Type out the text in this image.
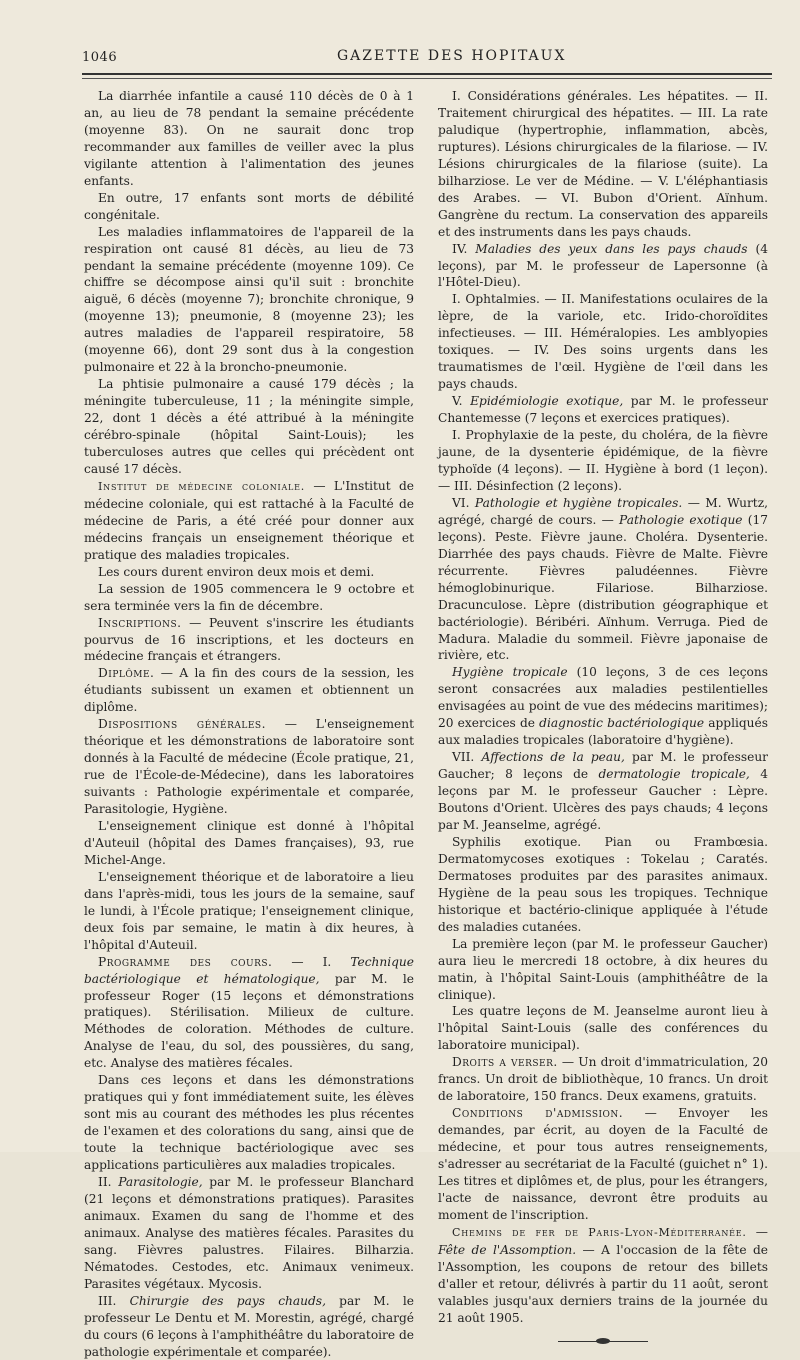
1046	GAZETTE DES HOPITAUX

La diarrhée infantile a causé 110 décès de 0 à 1 an, au lieu de 78 pendant la semaine précédente (moyenne 83). On ne saurait donc trop recommander aux familles de veiller avec la plus vigilante attention à l'alimentation des jeunes enfants.

En outre, 17 enfants sont morts de débilité congénitale.

Les maladies inflammatoires de l'appareil de la respiration ont causé 81 décès, au lieu de 73 pendant la semaine précédente (moyenne 109). Ce chiffre se décompose ainsi qu'il suit : bronchite aiguë, 6 décès (moyenne 7); bronchite chronique, 9 (moyenne 13); pneumonie, 8 (moyenne 23); les autres maladies de l'appareil respiratoire, 58 (moyenne 66), dont 29 sont dus à la congestion pulmonaire et 22 à la broncho-pneumonie.

La phtisie pulmonaire a causé 179 décès ; la méningite tuberculeuse, 11 ; la méningite simple, 22, dont 1 décès a été attribué à la méningite cérébro-spinale (hôpital Saint-Louis); les tuberculoses autres que celles qui précèdent ont causé 17 décès.

Institut de médecine coloniale. — L'Institut de médecine coloniale, qui est rattaché à la Faculté de médecine de Paris, a été créé pour donner aux médecins français un enseignement théorique et pratique des maladies tropicales.

Les cours durent environ deux mois et demi.

La session de 1905 commencera le 9 octobre et sera terminée vers la fin de décembre.

Inscriptions. — Peuvent s'inscrire les étudiants pourvus de 16 inscriptions, et les docteurs en médecine français et étrangers.

Diplôme. — A la fin des cours de la session, les étudiants subissent un examen et obtiennent un diplôme.

Dispositions générales. — L'enseignement théorique et les démonstrations de laboratoire sont donnés à la Faculté de médecine (École pratique, 21, rue de l'École-de-Médecine), dans les laboratoires suivants : Pathologie expérimentale et comparée, Parasitologie, Hygiène.

L'enseignement clinique est donné à l'hôpital d'Auteuil (hôpital des Dames françaises), 93, rue Michel-Ange.

L'enseignement théorique et de laboratoire a lieu dans l'après-midi, tous les jours de la semaine, sauf le lundi, à l'École pratique; l'enseignement clinique, deux fois par semaine, le matin à dix heures, à l'hôpital d'Auteuil.

Programme des cours. — I. Technique bactériologique et hématologique, par M. le professeur Roger (15 leçons et démonstrations pratiques). Stérilisation. Milieux de culture. Méthodes de coloration. Méthodes de culture. Analyse de l'eau, du sol, des poussières, du sang, etc. Analyse des matières fécales.

Dans ces leçons et dans les démonstrations pratiques qui y font immédiatement suite, les élèves sont mis au courant des méthodes les plus récentes de l'examen et des colorations du sang, ainsi que de toute la technique bactériologique avec ses applications particulières aux maladies tropicales.

II. Parasitologie, par M. le professeur Blanchard (21 leçons et démonstrations pratiques). Parasites animaux. Examen du sang de l'homme et des animaux. Analyse des matières fécales. Parasites du sang. Fièvres palustres. Filaires. Bilharzia. Nématodes. Cestodes, etc. Animaux venimeux. Parasites végétaux. Mycosis.

III. Chirurgie des pays chauds, par M. le professeur Le Dentu et M. Morestin, agrégé, chargé du cours (6 leçons à l'amphithéâtre du laboratoire de pathologie expérimentale et comparée).

I. Considérations générales. Les hépatites. — II. Traitement chirurgical des hépatites. — III. La rate paludique (hypertrophie, inflammation, abcès, ruptures). Lésions chirurgicales de la filariose. — IV. Lésions chirurgicales de la filariose (suite). La bilharziose. Le ver de Médine. — V. L'éléphantiasis des Arabes. — VI. Bubon d'Orient. Aïnhum. Gangrène du rectum. La conservation des appareils et des instruments dans les pays chauds.

IV. Maladies des yeux dans les pays chauds (4 leçons), par M. le professeur de Lapersonne (à l'Hôtel-Dieu).

I. Ophtalmies. — II. Manifestations oculaires de la lèpre, de la variole, etc. Irido-choroïdites infectieuses. — III. Héméralopies. Les amblyopies toxiques. — IV. Des soins urgents dans les traumatismes de l'œil. Hygiène de l'œil dans les pays chauds.

V. Epidémiologie exotique, par M. le professeur Chantemesse (7 leçons et exercices pratiques).

I. Prophylaxie de la peste, du choléra, de la fièvre jaune, de la dysenterie épidémique, de la fièvre typhoïde (4 leçons). — II. Hygiène à bord (1 leçon). — III. Désinfection (2 leçons).

VI. Pathologie et hygiène tropicales. — M. Wurtz, agrégé, chargé de cours. — Pathologie exotique (17 leçons). Peste. Fièvre jaune. Choléra. Dysenterie. Diarrhée des pays chauds. Fièvre de Malte. Fièvre récurrente. Fièvres paludéennes. Fièvre hémoglobinurique. Filariose. Bilharziose. Dracunculose. Lèpre (distribution géographique et bactériologie). Béribéri. Aïnhum. Verruga. Pied de Madura. Maladie du sommeil. Fièvre japonaise de rivière, etc.

Hygiène tropicale (10 leçons, 3 de ces leçons seront consacrées aux maladies pestilentielles envisagées au point de vue des médecins maritimes); 20 exercices de diagnostic bactériologique appliqués aux maladies tropicales (laboratoire d'hygiène).

VII. Affections de la peau, par M. le professeur Gaucher; 8 leçons de dermatologie tropicale, 4 leçons par M. le professeur Gaucher : Lèpre. Boutons d'Orient. Ulcères des pays chauds; 4 leçons par M. Jeanselme, agrégé.

Syphilis exotique. Pian ou Frambœsia. Dermatomycoses exotiques : Tokelau ; Caratés. Dermatoses produites par des parasites animaux. Hygiène de la peau sous les tropiques. Technique historique et bactério-clinique appliquée à l'étude des maladies cutanées.

La première leçon (par M. le professeur Gaucher) aura lieu le mercredi 18 octobre, à dix heures du matin, à l'hôpital Saint-Louis (amphithéâtre de la clinique).

Les quatre leçons de M. Jeanselme auront lieu à l'hôpital Saint-Louis (salle des conférences du laboratoire municipal).

Droits a verser. — Un droit d'immatriculation, 20 francs. Un droit de bibliothèque, 10 francs. Un droit de laboratoire, 150 francs. Deux examens, gratuits.

Conditions d'admission. — Envoyer les demandes, par écrit, au doyen de la Faculté de médecine, et pour tous autres renseignements, s'adresser au secrétariat de la Faculté (guichet n° 1). Les titres et diplômes et, de plus, pour les étrangers, l'acte de naissance, devront être produits au moment de l'inscription.

Chemins de fer de Paris-Lyon-Méditerranée. — Fête de l'Assomption. — A l'occasion de la fête de l'Assomption, les coupons de retour des billets d'aller et retour, délivrés à partir du 11 août, seront valables jusqu'aux derniers trains de la journée du 21 août 1905.
